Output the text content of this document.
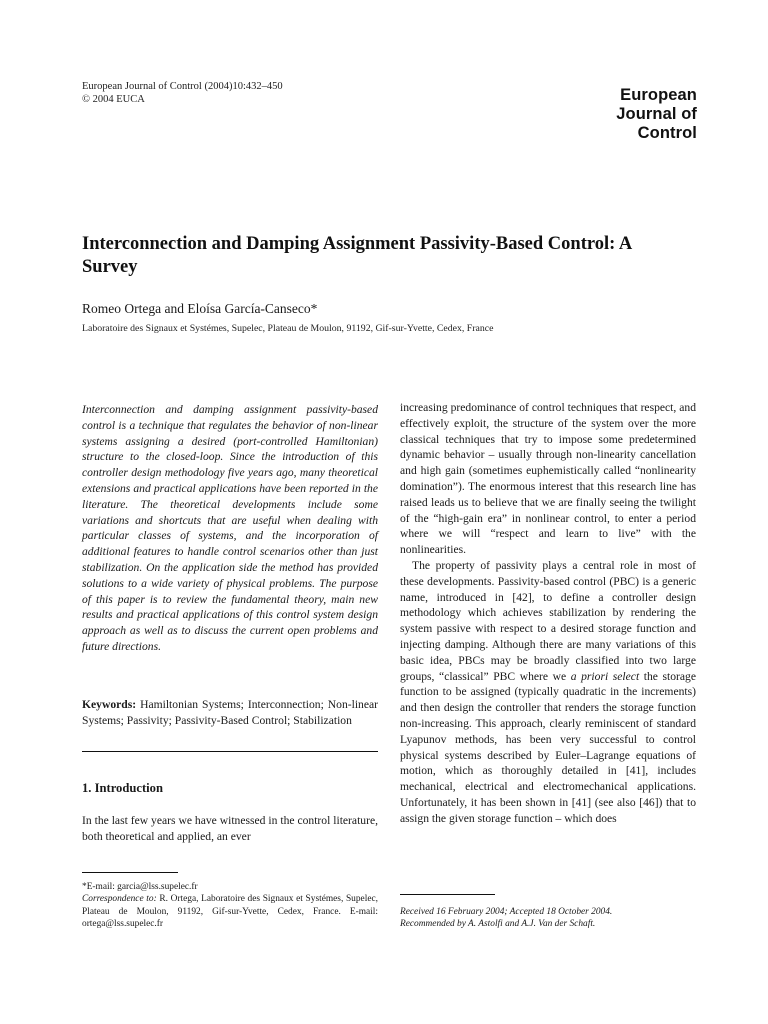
European Journal of Control (2004)10:432–450
© 2004 EUCA	European
Journal of
Control
Interconnection and Damping Assignment Passivity-Based Control: A Survey
Romeo Ortega and Eloísa García-Canseco*
Laboratoire des Signaux et Systémes, Supelec, Plateau de Moulon, 91192, Gif-sur-Yvette, Cedex, France
Interconnection and damping assignment passivity-based control is a technique that regulates the behavior of non-linear systems assigning a desired (port-controlled Hamiltonian) structure to the closed-loop. Since the introduction of this controller design methodology five years ago, many theoretical extensions and practical applications have been reported in the literature. The theoretical developments include some variations and shortcuts that are useful when dealing with particular classes of systems, and the incorporation of additional features to handle control scenarios other than just stabilization. On the application side the method has provided solutions to a wide variety of physical problems. The purpose of this paper is to review the fundamental theory, main new results and practical applications of this control system design approach as well as to discuss the current open problems and future directions.
Keywords: Hamiltonian Systems; Interconnection; Non-linear Systems; Passivity; Passivity-Based Control; Stabilization
1. Introduction
In the last few years we have witnessed in the control literature, both theoretical and applied, an ever
*E-mail: garcia@lss.supelec.fr
Correspondence to: R. Ortega, Laboratoire des Signaux et Systémes, Supelec, Plateau de Moulon, 91192, Gif-sur-Yvette, Cedex, France. E-mail: ortega@lss.supelec.fr

increasing predominance of control techniques that respect, and effectively exploit, the structure of the system over the more classical techniques that try to impose some predetermined dynamic behavior – usually through non-linearity cancellation and high gain (sometimes euphemistically called “nonlinearity domination”). The enormous interest that this research line has raised leads us to believe that we are finally seeing the twilight of the “high-gain era” in nonlinear control, to enter a period where we will “respect and learn to live” with the nonlinearities.

The property of passivity plays a central role in most of these developments. Passivity-based control (PBC) is a generic name, introduced in [42], to define a controller design methodology which achieves stabilization by rendering the system passive with respect to a desired storage function and injecting damping. Although there are many variations of this basic idea, PBCs may be broadly classified into two large groups, “classical” PBC where we a priori select the storage function to be assigned (typically quadratic in the increments) and then design the controller that renders the storage function non-increasing. This approach, clearly reminiscent of standard Lyapunov methods, has been very successful to control physical systems described by Euler–Lagrange equations of motion, which as thoroughly detailed in [41], includes mechanical, electrical and electromechanical applications. Unfortunately, it has been shown in [41] (see also [46]) that to assign the given storage function – which does

Received 16 February 2004; Accepted 18 October 2004.
Recommended by A. Astolfi and A.J. Van der Schaft.
